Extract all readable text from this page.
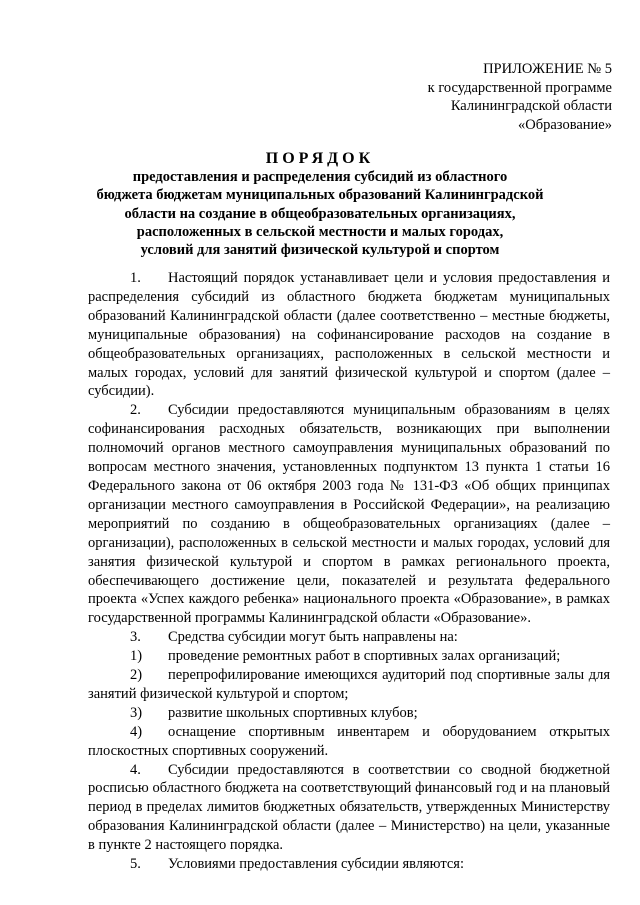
ПРИЛОЖЕНИЕ № 5
к государственной программе
Калининградской области
«Образование»
ПОРЯДОК
предоставления и распределения субсидий из областного
бюджета бюджетам муниципальных образований Калининградской
области на создание в общеобразовательных организациях,
расположенных в сельской местности и малых городах,
условий для занятий физической культурой и спортом

1. Настоящий порядок устанавливает цели и условия предоставления и распределения субсидий из областного бюджета бюджетам муниципальных образований Калининградской области (далее соответственно – местные бюджеты, муниципальные образования) на софинансирование расходов на создание в общеобразовательных организациях, расположенных в сельской местности и малых городах, условий для занятий физической культурой и спортом (далее – субсидии).

2. Субсидии предоставляются муниципальным образованиям в целях софинансирования расходных обязательств, возникающих при выполнении полномочий органов местного самоуправления муниципальных образований по вопросам местного значения, установленных подпунктом 13 пункта 1 статьи 16 Федерального закона от 06 октября 2003 года № 131-ФЗ «Об общих принципах организации местного самоуправления в Российской Федерации», на реализацию мероприятий по созданию в общеобразовательных организациях (далее – организации), расположенных в сельской местности и малых городах, условий для занятия физической культурой и спортом в рамках регионального проекта, обеспечивающего достижение цели, показателей и результата федерального проекта «Успех каждого ребенка» национального проекта «Образование», в рамках государственной программы Калининградской области «Образование».

3. Средства субсидии могут быть направлены на:

1) проведение ремонтных работ в спортивных залах организаций;

2) перепрофилирование имеющихся аудиторий под спортивные залы для занятий физической культурой и спортом;

3) развитие школьных спортивных клубов;

4) оснащение спортивным инвентарем и оборудованием открытых плоскостных спортивных сооружений.

4. Субсидии предоставляются в соответствии со сводной бюджетной росписью областного бюджета на соответствующий финансовый год и на плановый период в пределах лимитов бюджетных обязательств, утвержденных Министерству образования Калининградской области (далее – Министерство) на цели, указанные в пункте 2 настоящего порядка.

5. Условиями предоставления субсидии являются:
